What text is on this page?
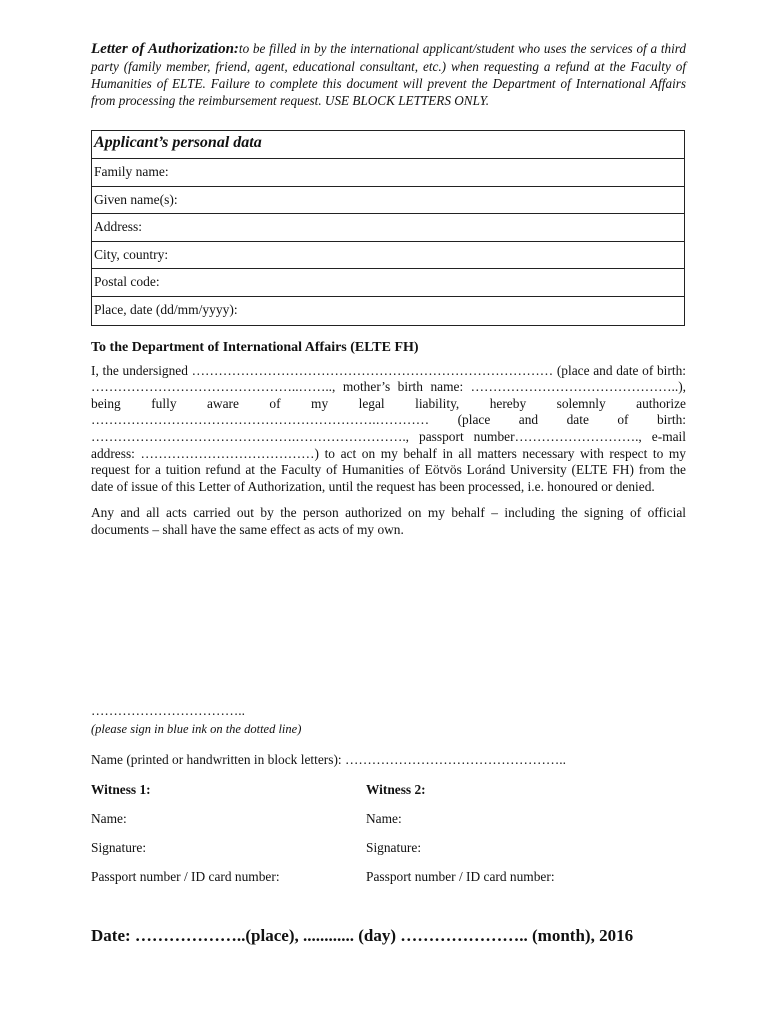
Letter of Authorization:to be filled in by the international applicant/student who uses the services of a third party (family member, friend, agent, educational consultant, etc.) when requesting a refund at the Faculty of Humanities of ELTE. Failure to complete this document will prevent the Department of International Affairs from processing the reimbursement request. USE BLOCK LETTERS ONLY.

Applicant’s personal data
Family name:
Given name(s):
Address:
City, country:
Postal code:
Place, date (dd/mm/yyyy):
To the Department of International Affairs (ELTE FH)

I, the undersigned ……………………………………………………………………… (place and date of birth: ………………………………………..…….., mother’s birth name: ………………………………………..), being fully aware of my legal liability, hereby solemnly authorize ……………………………………………………….………… (place and date of birth: ……………………………………….……………………., passport number………………………., e-mail address: …………………………………) to act on my behalf in all matters necessary with respect to my request for a tuition refund at the Faculty of Humanities of Eötvös Loránd University (ELTE FH) from the date of issue of this Letter of Authorization, until the request has been processed, i.e. honoured or denied.

Any and all acts carried out by the person authorized on my behalf – including the signing of official documents – shall have the same effect as acts of my own.

……………………………..
(please sign in blue ink on the dotted line)
Name (printed or handwritten in block letters): …………………………………………..
Witness 1:
Name:
Signature:
Passport number / ID card number:
Witness 2:
Name:
Signature:
Passport number / ID card number:
Date: ………………..(place), ............ (day) ………………….. (month), 2016
